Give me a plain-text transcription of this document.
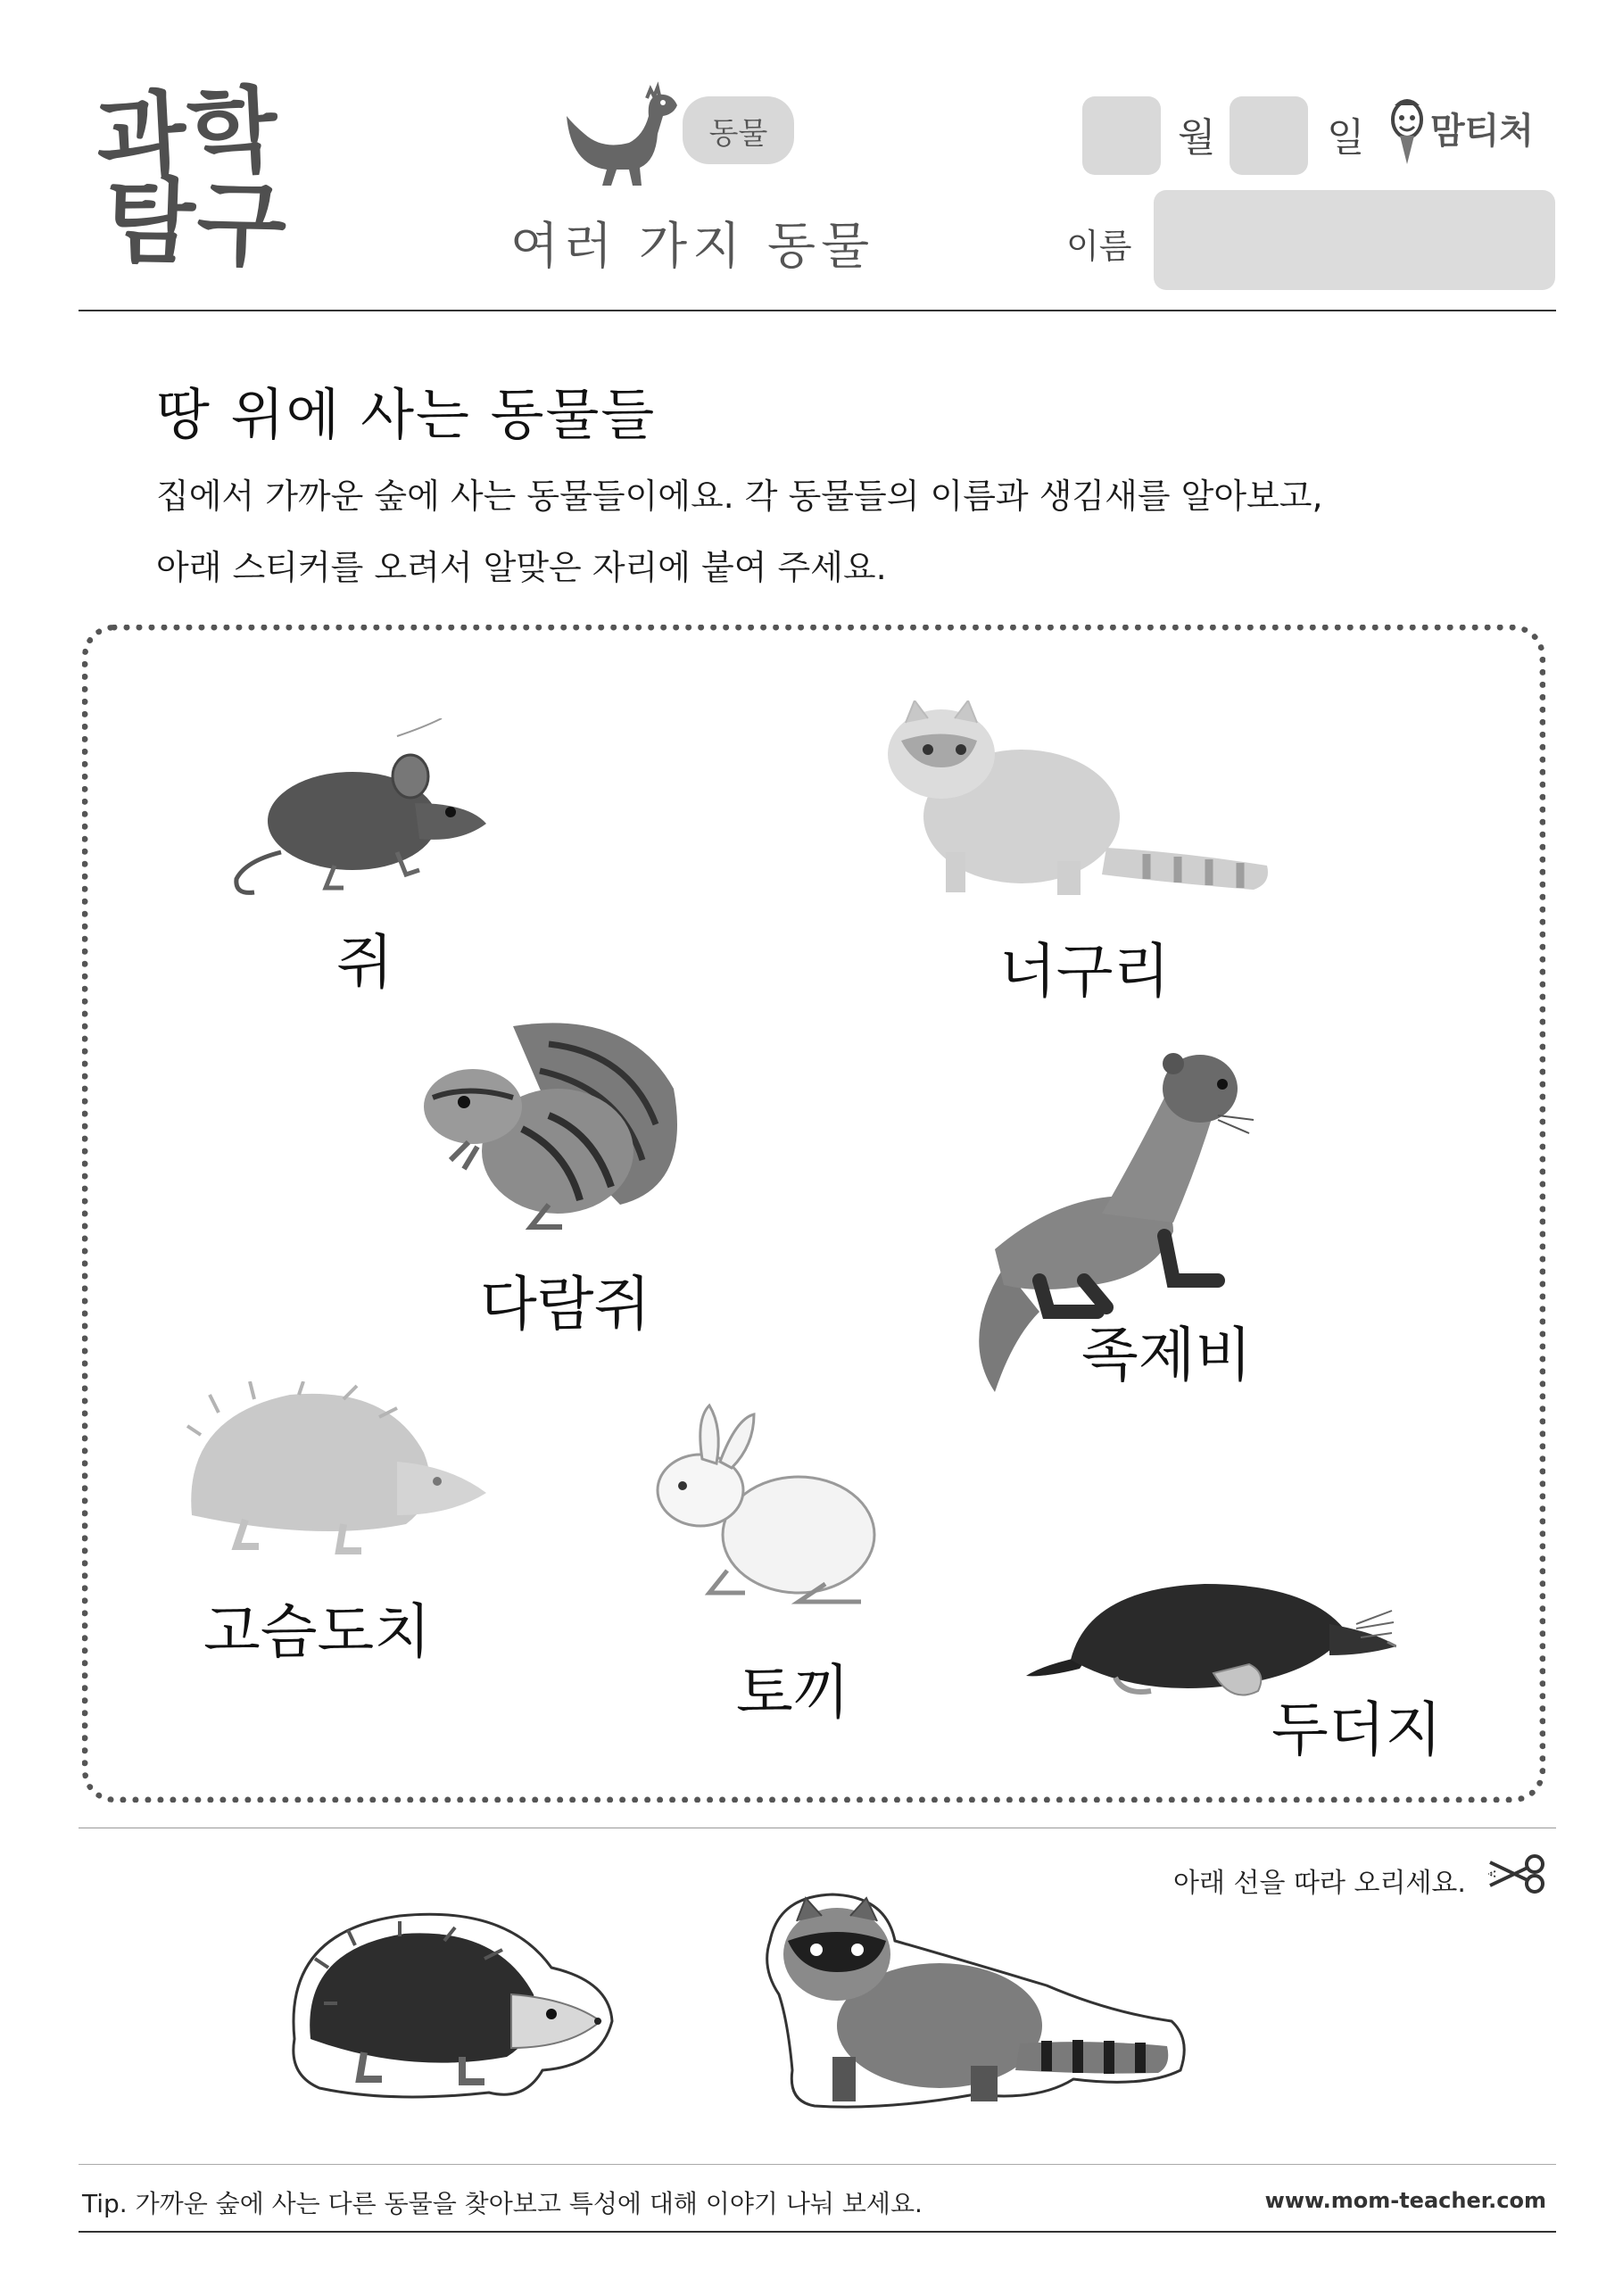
과학
탐구
동물
여러 가지 동물
월	일 맘티처
이름
땅 위에 사는 동물들
집에서 가까운 숲에 사는 동물들이에요. 각 동물들의 이름과 생김새를 알아보고,
아래 스티커를 오려서 알맞은 자리에 붙여 주세요.
쥐	너구리
다람쥐
족제비
고슴도치
토끼
두더지
아래 선을 따라 오리세요.
Tip. 가까운 숲에 사는 다른 동물을 찾아보고 특성에 대해 이야기 나눠 보세요.	www.mom-teacher.com
